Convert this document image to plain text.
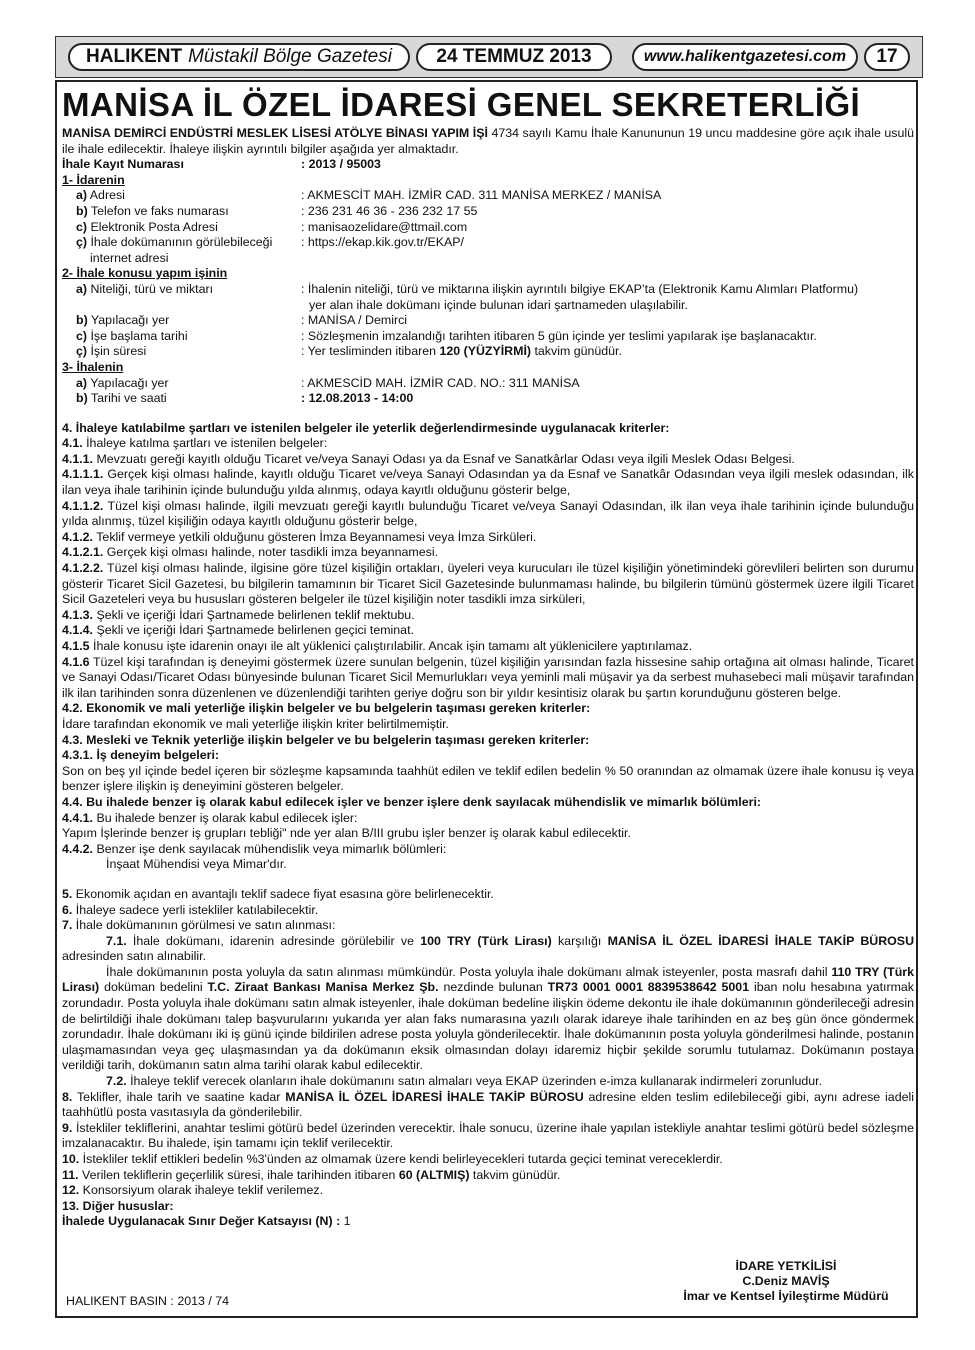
HALIKENT Müstakil Bölge Gazetesi	24 TEMMUZ 2013	www.halikentgazetesi.com	17
MANİSA İL ÖZEL İDARESİ GENEL SEKRETERLİĞİ

MANİSA DEMİRCİ ENDÜSTRİ MESLEK LİSESİ ATÖLYE BİNASI YAPIM İŞİ 4734 sayılı Kamu İhale Kanununun 19 uncu maddesine göre açık ihale usulü ile ihale edilecektir. İhaleye ilişkin ayrıntılı bilgiler aşağıda yer almaktadır.

İhale Kayıt Numarası	: 2013 / 95003

1- İdarenin

a) Adresi	: AKMESCİT MAH. İZMİR CAD. 311 MANİSA MERKEZ / MANİSA
b) Telefon ve faks numarası	: 236 231 46 36 - 236 232 17 55
c) Elektronik Posta Adresi	: manisaozelidare@ttmail.com
ç) İhale dokümanının görülebileceği	: https://ekap.kik.gov.tr/EKAP/

internet adresi

2- İhale konusu yapım işinin

a) Niteliği, türü ve miktarı	: İhalenin niteliği, türü ve miktarına ilişkin ayrıntılı bilgiye EKAP’ta (Elektronik Kamu Alımları Platformu)
yer alan ihale dokümanı içinde bulunan idari şartnameden ulaşılabilir.
b) Yapılacağı yer	: MANİSA / Demirci
c) İşe başlama tarihi	: Sözleşmenin imzalandığı tarihten itibaren 5 gün içinde yer teslimi yapılarak işe başlanacaktır.
ç) İşin süresi	: Yer tesliminden itibaren 120 (YÜZYİRMİ) takvim günüdür.

3- İhalenin

a) Yapılacağı yer	: AKMESCİD MAH. İZMİR CAD. NO.: 311 MANİSA
b) Tarihi ve saati	: 12.08.2013 - 14:00

4. İhaleye katılabilme şartları ve istenilen belgeler ile yeterlik değerlendirmesinde uygulanacak kriterler:

4.1. İhaleye katılma şartları ve istenilen belgeler:

4.1.1. Mevzuatı gereği kayıtlı olduğu Ticaret ve/veya Sanayi Odası ya da Esnaf ve Sanatkârlar Odası veya ilgili Meslek Odası Belgesi.

4.1.1.1. Gerçek kişi olması halinde, kayıtlı olduğu Ticaret ve/veya Sanayi Odasından ya da Esnaf ve Sanatkâr Odasından veya ilgili meslek odasından, ilk ilan veya ihale tarihinin içinde bulunduğu yılda alınmış, odaya kayıtlı olduğunu gösterir belge,

4.1.1.2. Tüzel kişi olması halinde, ilgili mevzuatı gereği kayıtlı bulunduğu Ticaret ve/veya Sanayi Odasından, ilk ilan veya ihale tarihinin içinde bulunduğu yılda alınmış, tüzel kişiliğin odaya kayıtlı olduğunu gösterir belge,

4.1.2. Teklif vermeye yetkili olduğunu gösteren İmza Beyannamesi veya İmza Sirküleri.

4.1.2.1. Gerçek kişi olması halinde, noter tasdikli imza beyannamesi.

4.1.2.2. Tüzel kişi olması halinde, ilgisine göre tüzel kişiliğin ortakları, üyeleri veya kurucuları ile tüzel kişiliğin yönetimindeki görevlileri belirten son durumu gösterir Ticaret Sicil Gazetesi, bu bilgilerin tamamının bir Ticaret Sicil Gazetesinde bulunmaması halinde, bu bilgilerin tümünü göstermek üzere ilgili Ticaret Sicil Gazeteleri veya bu hususları gösteren belgeler ile tüzel kişiliğin noter tasdikli imza sirküleri,

4.1.3. Şekli ve içeriği İdari Şartnamede belirlenen teklif mektubu.

4.1.4. Şekli ve içeriği İdari Şartnamede belirlenen geçici teminat.

4.1.5 İhale konusu işte idarenin onayı ile alt yüklenici çalıştırılabilir. Ancak işin tamamı alt yüklenicilere yaptırılamaz.

4.1.6 Tüzel kişi tarafından iş deneyimi göstermek üzere sunulan belgenin, tüzel kişiliğin yarısından fazla hissesine sahip ortağına ait olması halinde, Ticaret ve Sanayi Odası/Ticaret Odası bünyesinde bulunan Ticaret Sicil Memurlukları veya yeminli mali müşavir ya da serbest muhasebeci mali müşavir tarafından ilk ilan tarihinden sonra düzenlenen ve düzenlendiği tarihten geriye doğru son bir yıldır kesintisiz olarak bu şartın korunduğunu gösteren belge.

4.2. Ekonomik ve mali yeterliğe ilişkin belgeler ve bu belgelerin taşıması gereken kriterler:

İdare tarafından ekonomik ve mali yeterliğe ilişkin kriter belirtilmemiştir.

4.3. Mesleki ve Teknik yeterliğe ilişkin belgeler ve bu belgelerin taşıması gereken kriterler:

4.3.1. İş deneyim belgeleri:

Son on beş yıl içinde bedel içeren bir sözleşme kapsamında taahhüt edilen ve teklif edilen bedelin % 50 oranından az olmamak üzere ihale konusu iş veya benzer işlere ilişkin iş deneyimini gösteren belgeler.

4.4. Bu ihalede benzer iş olarak kabul edilecek işler ve benzer işlere denk sayılacak mühendislik ve mimarlık bölümleri:

4.4.1. Bu ihalede benzer iş olarak kabul edilecek işler:

Yapım İşlerinde benzer iş grupları tebliği" nde yer alan B/III grubu işler benzer iş olarak kabul edilecektir.

4.4.2. Benzer işe denk sayılacak mühendislik veya mimarlık bölümleri:

İnşaat Mühendisi veya Mimar'dır.

5. Ekonomik açıdan en avantajlı teklif sadece fiyat esasına göre belirlenecektir.

6. İhaleye sadece yerli istekliler katılabilecektir.

7. İhale dokümanının görülmesi ve satın alınması:

7.1. İhale dokümanı, idarenin adresinde görülebilir ve 100 TRY (Türk Lirası) karşılığı MANİSA İL ÖZEL İDARESİ İHALE TAKİP BÜROSU adresinden satın alınabilir.

İhale dokümanının posta yoluyla da satın alınması mümkündür. Posta yoluyla ihale dokümanı almak isteyenler, posta masrafı dahil 110 TRY (Türk Lirası) doküman bedelini T.C. Ziraat Bankası Manisa Merkez Şb. nezdinde bulunan TR73 0001 0001 8839538642 5001 iban nolu hesabına yatırmak zorundadır. Posta yoluyla ihale dokümanı satın almak isteyenler, ihale doküman bedeline ilişkin ödeme dekontu ile ihale dokümanının gönderileceği adresin de belirtildiği ihale dokümanı talep başvurularını yukarıda yer alan faks numarasına yazılı olarak idareye ihale tarihinden en az beş gün önce göndermek zorundadır. İhale dokümanı iki iş günü içinde bildirilen adrese posta yoluyla gönderilecektir. İhale dokümanının posta yoluyla gönderilmesi halinde, postanın ulaşmamasından veya geç ulaşmasından ya da dokümanın eksik olmasından dolayı idaremiz hiçbir şekilde sorumlu tutulamaz. Dokümanın postaya verildiği tarih, dokümanın satın alma tarihi olarak kabul edilecektir.

7.2. İhaleye teklif verecek olanların ihale dokümanını satın almaları veya EKAP üzerinden e-imza kullanarak indirmeleri zorunludur.

8. Teklifler, ihale tarih ve saatine kadar MANİSA İL ÖZEL İDARESİ İHALE TAKİP BÜROSU adresine elden teslim edilebileceği gibi, aynı adrese iadeli taahhütlü posta vasıtasıyla da gönderilebilir.

9. İstekliler tekliflerini, anahtar teslimi götürü bedel üzerinden verecektir. İhale sonucu, üzerine ihale yapılan istekliyle anahtar teslimi götürü bedel sözleşme imzalanacaktır. Bu ihalede, işin tamamı için teklif verilecektir.

10. İstekliler teklif ettikleri bedelin %3'ünden az olmamak üzere kendi belirleyecekleri tutarda geçici teminat vereceklerdir.

11. Verilen tekliflerin geçerlilik süresi, ihale tarihinden itibaren 60 (ALTMIŞ) takvim günüdür.

12. Konsorsiyum olarak ihaleye teklif verilemez.

13. Diğer hususlar:

İhalede Uygulanacak Sınır Değer Katsayısı (N) : 1

İDARE YETKİLİSİ
C.Deniz MAVİŞ
İmar ve Kentsel İyileştirme Müdürü
HALIKENT BASIN : 2013 / 74
